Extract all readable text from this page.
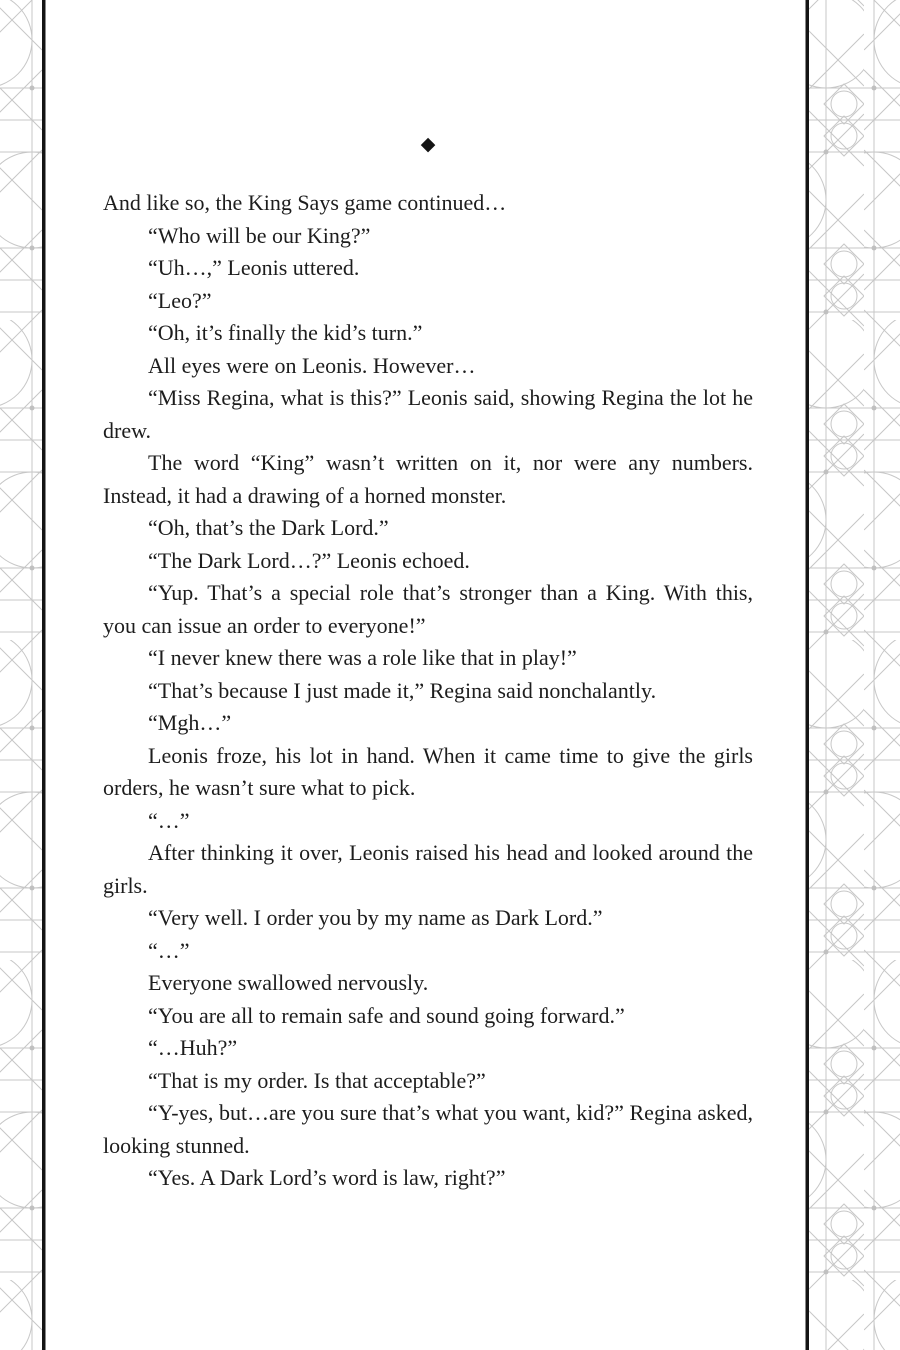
◆

And like so, the King Says game continued…

“Who will be our King?”

“Uh…,” Leonis uttered.

“Leo?”

“Oh, it’s finally the kid’s turn.”

All eyes were on Leonis. However…

“Miss Regina, what is this?” Leonis said, showing Regina the lot he drew.

The word “King” wasn’t written on it, nor were any numbers. Instead, it had a drawing of a horned monster.

“Oh, that’s the Dark Lord.”

“The Dark Lord…?” Leonis echoed.

“Yup. That’s a special role that’s stronger than a King. With this, you can issue an order to everyone!”

“I never knew there was a role like that in play!”

“That’s because I just made it,” Regina said nonchalantly.

“Mgh…”

Leonis froze, his lot in hand. When it came time to give the girls orders, he wasn’t sure what to pick.

“…”

After thinking it over, Leonis raised his head and looked around the girls.

“Very well. I order you by my name as Dark Lord.”

“…”

Everyone swallowed nervously.

“You are all to remain safe and sound going forward.”

“…Huh?”

“That is my order. Is that acceptable?”

“Y-yes, but…are you sure that’s what you want, kid?” Regina asked, looking stunned.

“Yes. A Dark Lord’s word is law, right?”
